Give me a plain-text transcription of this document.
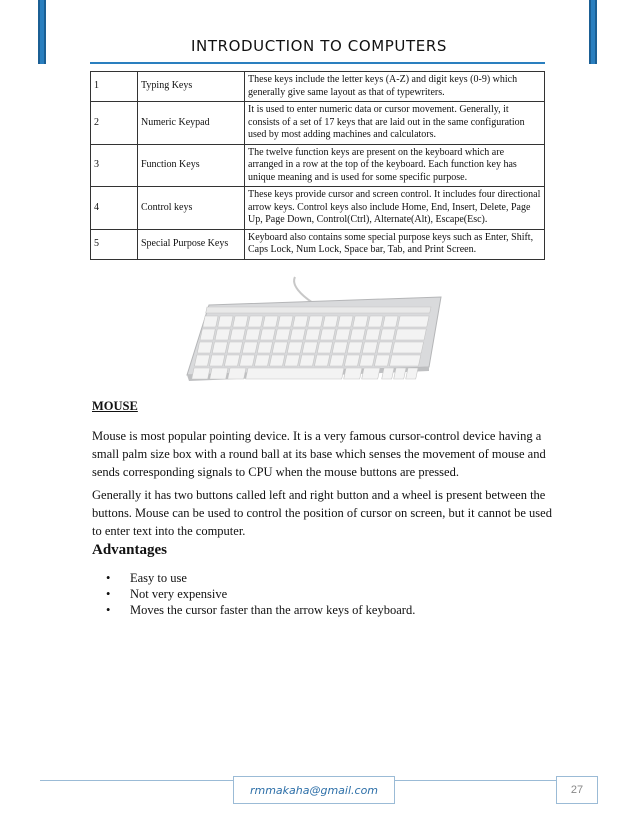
INTRODUCTION TO COMPUTERS
1	Typing Keys	These keys include the letter keys (A-Z) and digit keys (0-9) which generally give same layout as that of typewriters.
2	Numeric Keypad	It is used to enter numeric data or cursor movement. Generally, it consists of a set of 17 keys that are laid out in the same configuration used by most adding machines and calculators.
3	Function Keys	The twelve function keys are present on the keyboard which are arranged in a row at the top of the keyboard. Each function key has unique meaning and is used for some specific purpose.
4	Control keys	These keys provide cursor and screen control. It includes four directional arrow keys. Control keys also include Home, End, Insert, Delete, Page Up, Page Down, Control(Ctrl), Alternate(Alt), Escape(Esc).
5	Special Purpose Keys	Keyboard also contains some special purpose keys such as Enter, Shift, Caps Lock, Num Lock, Space bar, Tab, and Print Screen.
MOUSE
Mouse is most popular pointing device. It is a very famous cursor-control device having a small palm size box with a round ball at its base which senses the movement of mouse and sends corresponding signals to CPU when the mouse buttons are pressed.
Generally it has two buttons called left and right button and a wheel is present between the buttons. Mouse can be used to control the position of cursor on screen, but it cannot be used to enter text into the computer.
Advantages
• Easy to use
• Not very expensive
• Moves the cursor faster than the arrow keys of keyboard.
rmmakaha@gmail.com	27
